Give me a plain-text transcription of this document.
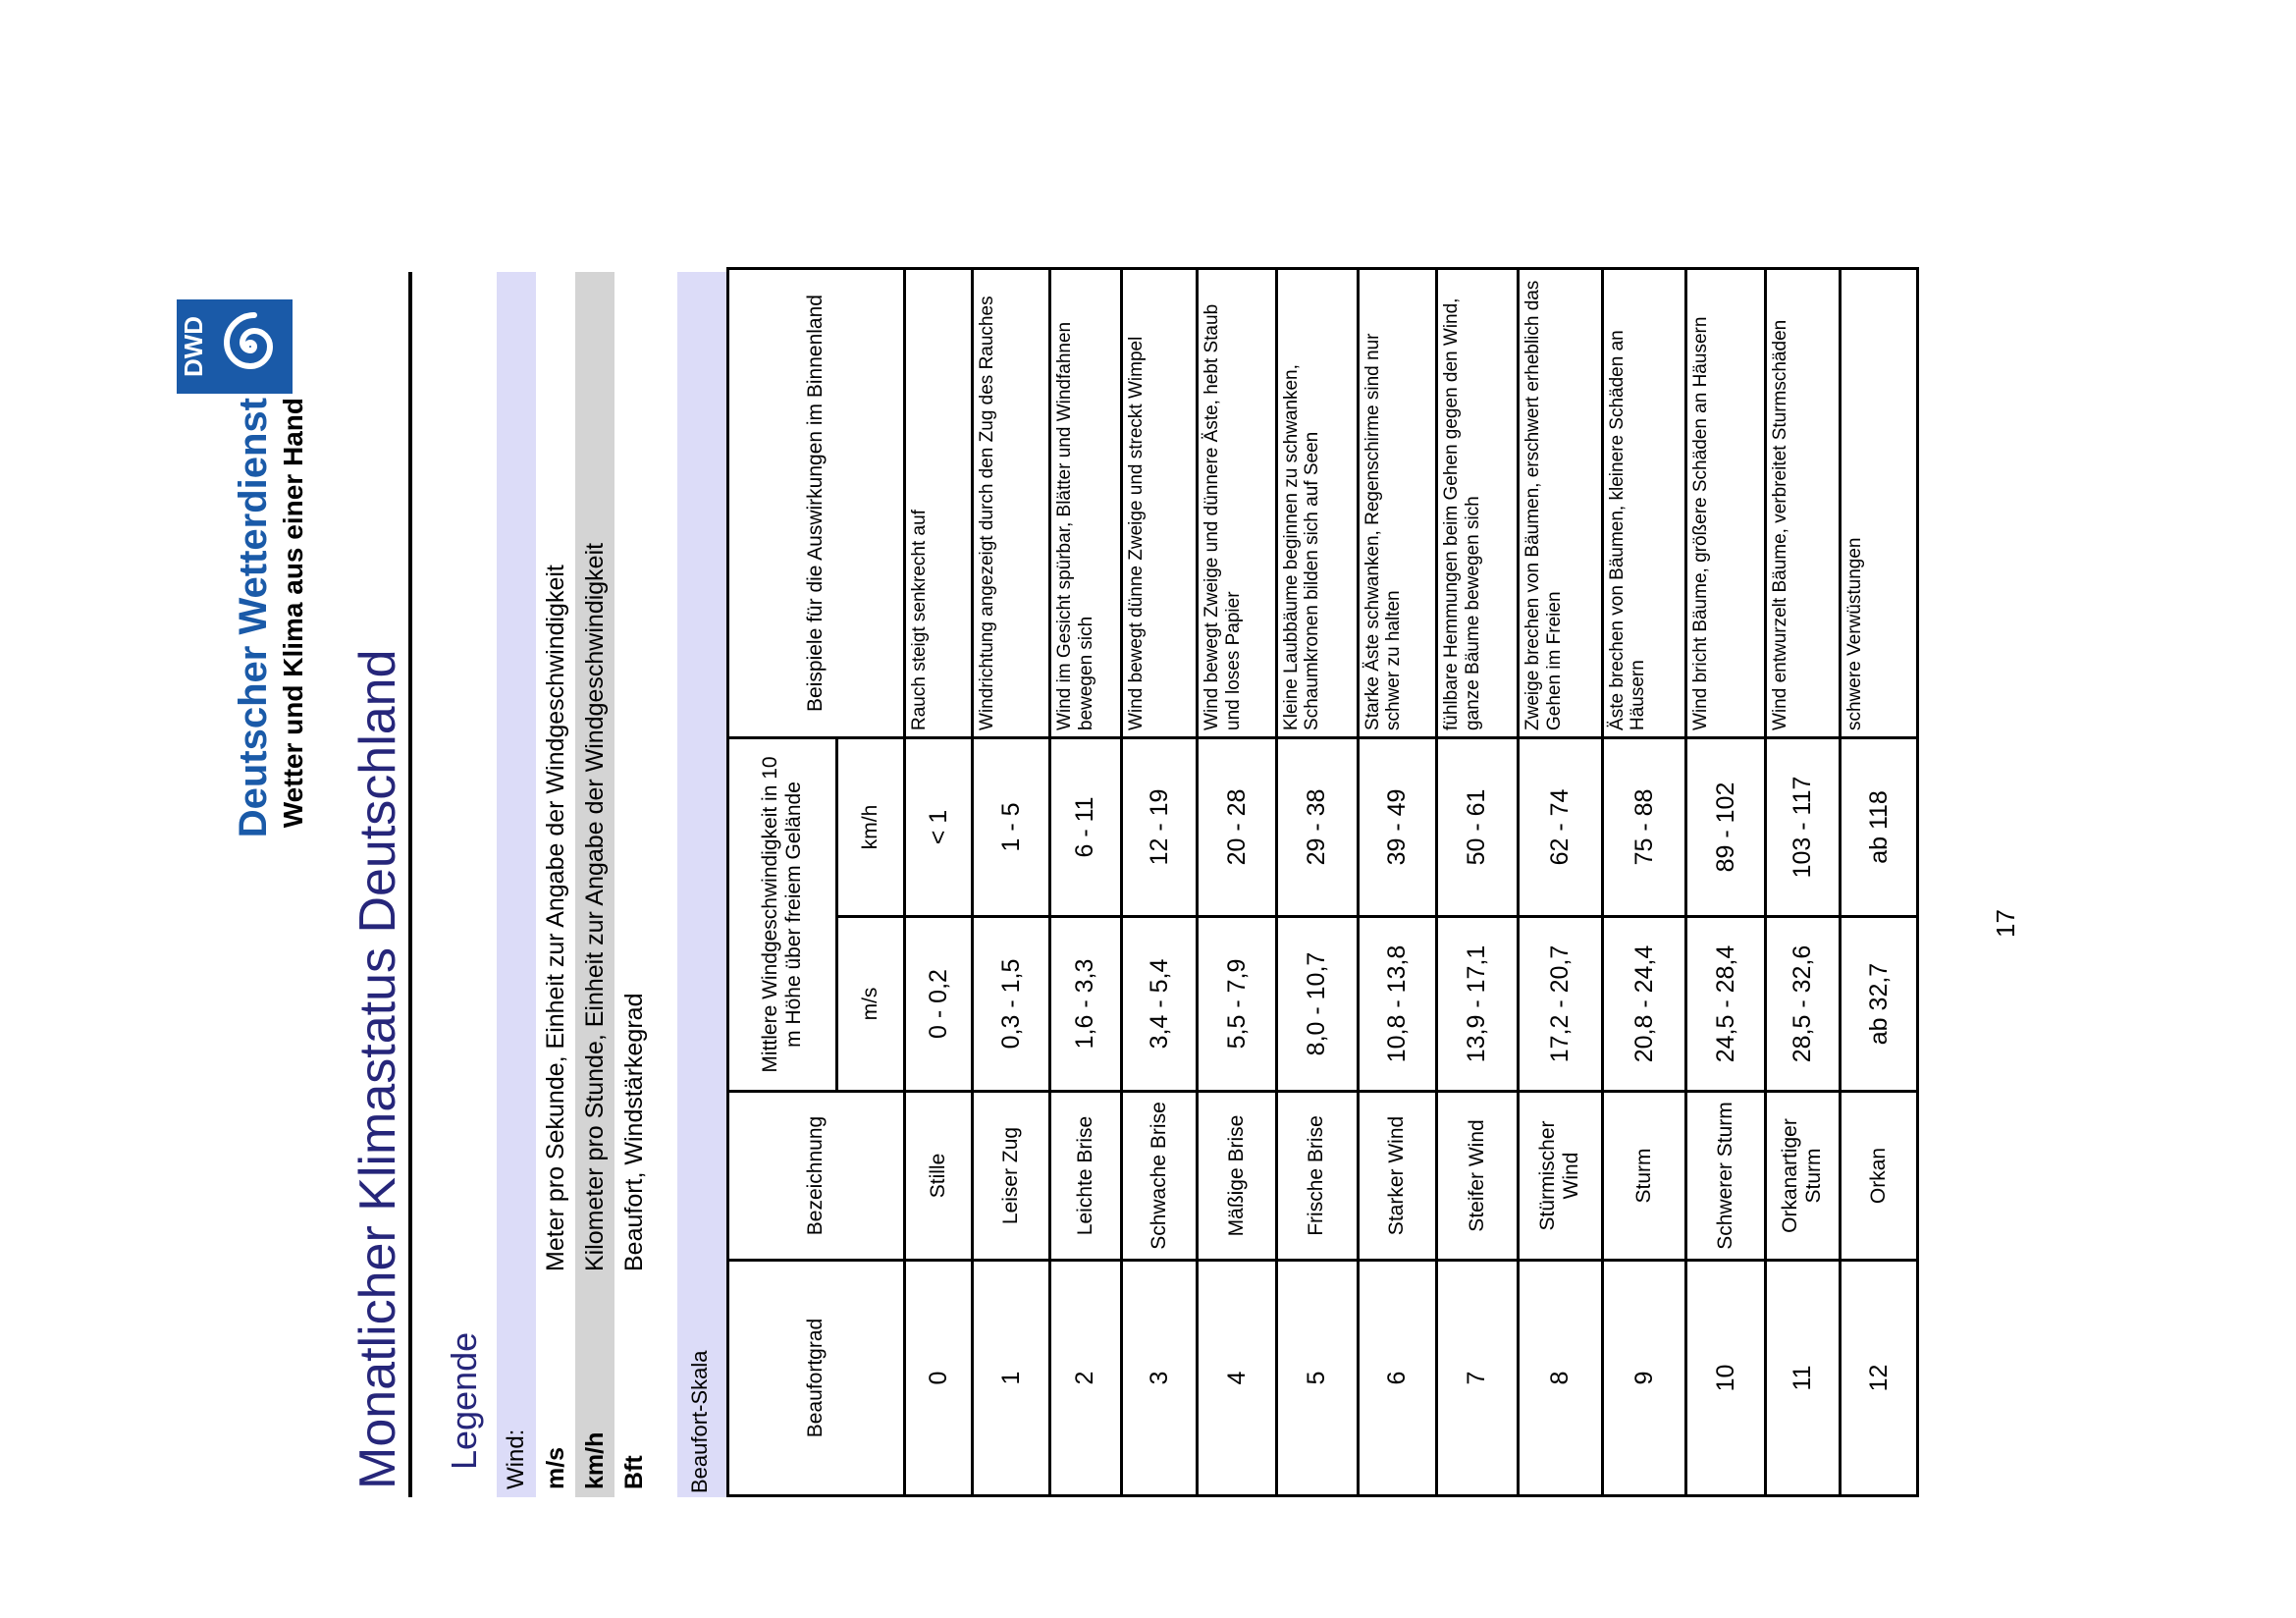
DWD
Deutscher Wetterdienst Wetter und Klima aus einer Hand
Monatlicher Klimastatus Deutschland Legende Wind: m/s
Meter pro Sekunde, Einheit zur Angabe der Windgeschwindigkeit
km/h
Kilometer pro Stunde, Einheit zur Angabe der Windgeschwindigkeit
Bft
Beaufort, Windstärkegrad
Beaufort-Skala	Beaufortgrad	Bezeichnung	Mittlere Windgeschwindigkeit in 10 m Höhe über freiem Gelände		Beispiele für die Auswirkungen im Binnenland
		m/s	km/h	
0	Stille	0 - 0,2	< 1	Rauch steigt senkrecht auf
1	Leiser Zug	0,3 - 1,5	1 - 5	Windrichtung angezeigt durch den Zug des Rauches
2	Leichte Brise	1,6 - 3,3	6 - 11	Wind im Gesicht spürbar, Blätter und Windfahnen bewegen sich
3	Schwache Brise	3,4 - 5,4	12 - 19	Wind bewegt dünne Zweige und streckt Wimpel
4	Mäßige Brise	5,5 - 7,9	20 - 28	Wind bewegt Zweige und dünnere Äste, hebt Staub und loses Papier
5	Frische Brise	8,0 - 10,7	29 - 38	Kleine Laubbäume beginnen zu schwanken, Schaumkronen bilden sich auf Seen
6	Starker Wind	10,8 - 13,8	39 - 49	Starke Äste schwanken, Regenschirme sind nur schwer zu halten
7	Steifer Wind	13,9 - 17,1	50 - 61	fühlbare Hemmungen beim Gehen gegen den Wind, ganze Bäume bewegen sich
8	Stürmischer Wind	17,2 - 20,7	62 - 74	Zweige brechen von Bäumen, erschwert erheblich das Gehen im Freien
9	Sturm	20,8 - 24,4	75 - 88	Äste brechen von Bäumen, kleinere Schäden an Häusern
10	Schwerer Sturm	24,5 - 28,4	89 - 102	Wind bricht Bäume, größere Schäden an Häusern
11	Orkanartiger Sturm	28,5 - 32,6	103 - 117	Wind entwurzelt Bäume, verbreitet Sturmschäden
12	Orkan	ab 32,7	ab 118	schwere Verwüstungen
17
